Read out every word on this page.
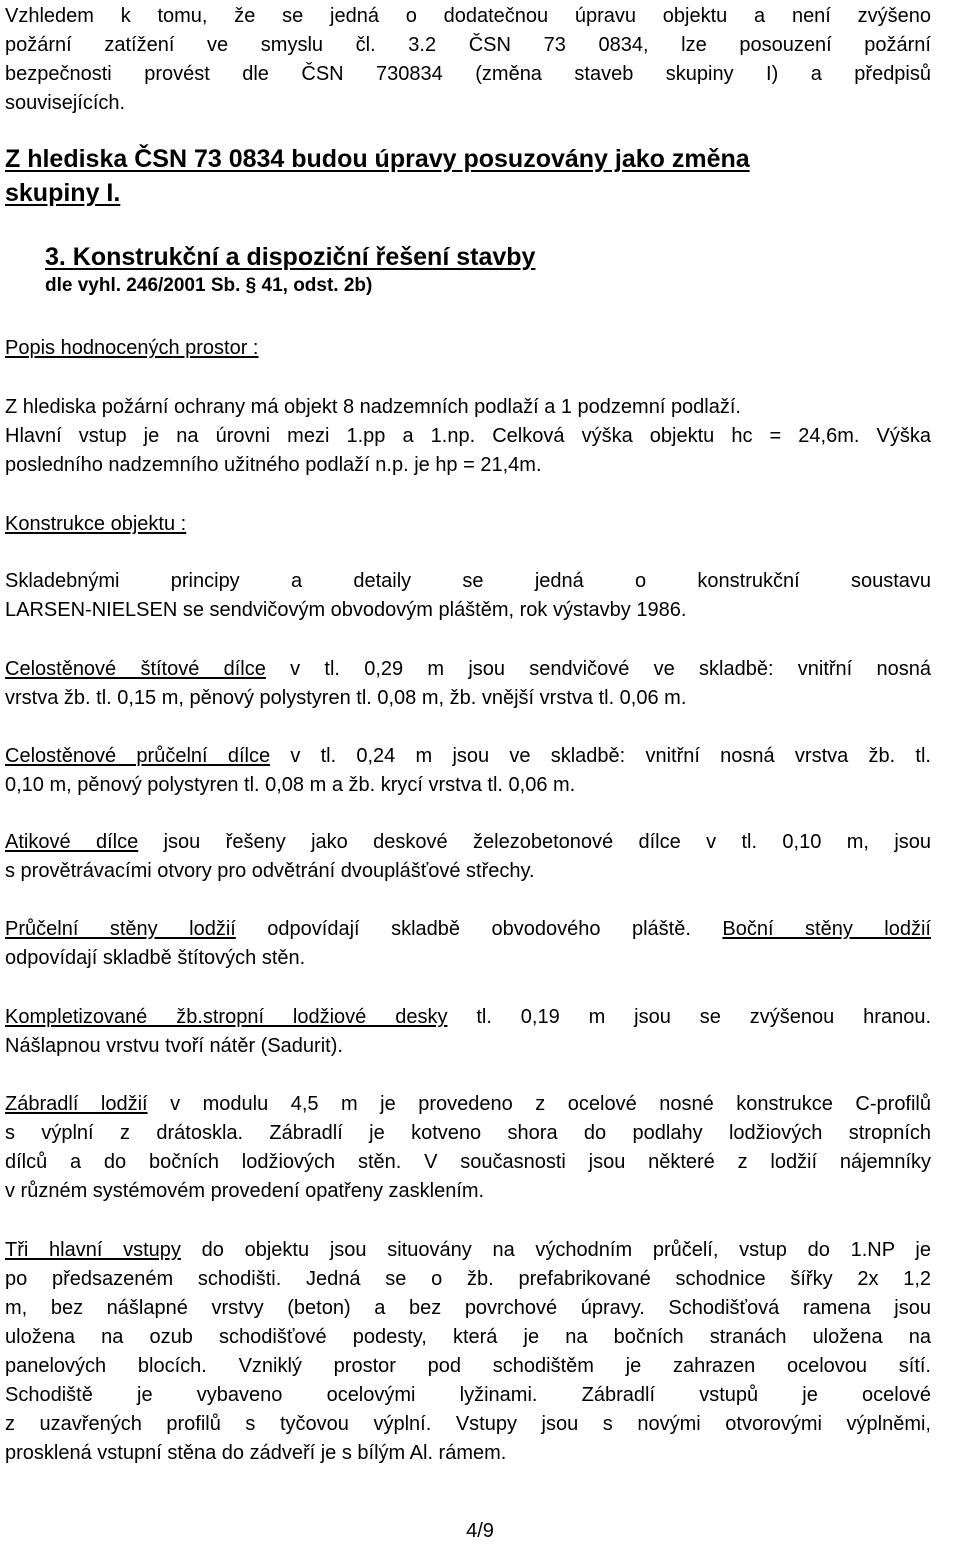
Vzhledem k tomu, že se jedná o dodatečnou úpravu objektu a není zvýšeno

požární zatížení ve smyslu čl. 3.2 ČSN 73 0834, lze posouzení požární

bezpečnosti provést dle ČSN 730834 (změna staveb skupiny I) a předpisů

souvisejících.

Z hlediska ČSN 73 0834 budou úpravy posuzovány jako změna

skupiny I.

3. Konstrukční a dispoziční řešení stavby

dle vyhl. 246/2001 Sb. § 41, odst. 2b)

Popis hodnocených prostor :

Z hlediska požární ochrany má objekt 8 nadzemních podlaží a 1 podzemní podlaží.

Hlavní vstup je na úrovni mezi 1.pp a 1.np. Celková výška objektu hc = 24,6m. Výška

posledního nadzemního užitného podlaží n.p. je hp = 21,4m.

Konstrukce objektu :

Skladebnými principy a detaily se jedná o konstrukční soustavu

LARSEN-NIELSEN se sendvičovým obvodovým pláštěm, rok výstavby 1986.

Celostěnové štítové dílce v tl. 0,29 m jsou sendvičové ve skladbě: vnitřní nosná

vrstva žb. tl. 0,15 m, pěnový polystyren tl. 0,08 m, žb. vnější vrstva tl. 0,06 m.

Celostěnové průčelní dílce v tl. 0,24 m jsou ve skladbě: vnitřní nosná vrstva žb. tl.

0,10 m, pěnový polystyren tl. 0,08 m a žb. krycí vrstva tl. 0,06 m.

Atikové dílce jsou řešeny jako deskové železobetonové dílce v tl. 0,10 m, jsou

s provětrávacími otvory pro odvětrání dvouplášťové střechy.

Průčelní stěny lodžií odpovídají skladbě obvodového pláště. Boční stěny lodžií

odpovídají skladbě štítových stěn.

Kompletizované žb.stropní lodžiové desky tl. 0,19 m jsou se zvýšenou hranou.

Nášlapnou vrstvu tvoří nátěr (Sadurit).

Zábradlí lodžií v modulu 4,5 m je provedeno z ocelové nosné konstrukce C-profilů

s výplní z drátoskla. Zábradlí je kotveno shora do podlahy lodžiových stropních

dílců a do bočních lodžiových stěn. V současnosti jsou některé z lodžií nájemníky

v různém systémovém provedení opatřeny zasklením.

Tři hlavní vstupy do objektu jsou situovány na východním průčelí, vstup do 1.NP je

po předsazeném schodišti. Jedná se o žb. prefabrikované schodnice šířky 2x 1,2

m, bez nášlapné vrstvy (beton) a bez povrchové úpravy. Schodišťová ramena jsou

uložena na ozub schodišťové podesty, která je na bočních stranách uložena na

panelových blocích. Vzniklý prostor pod schodištěm je zahrazen ocelovou sítí.

Schodiště je vybaveno ocelovými lyžinami. Zábradlí vstupů je ocelové

z uzavřených profilů s tyčovou výplní. Vstupy jsou s novými otvorovými výplněmi,

prosklená vstupní stěna do zádveří je s bílým Al. rámem.

4/9
